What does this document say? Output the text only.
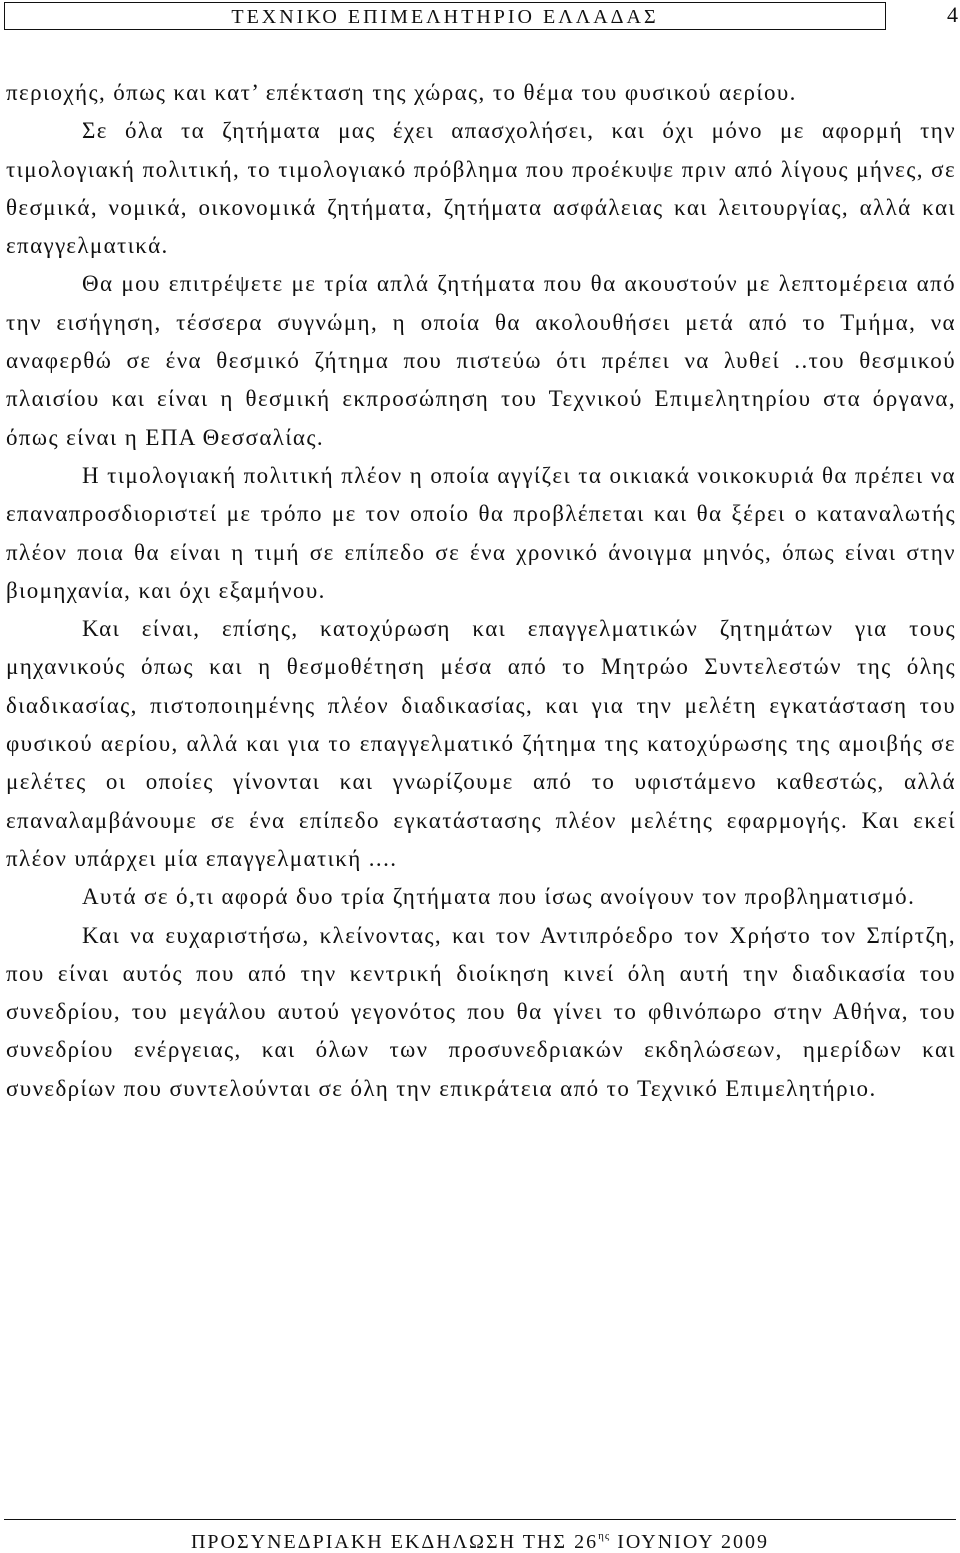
ΤΕΧΝΙΚΟ ΕΠΙΜΕΛΗΤΗΡΙΟ ΕΛΛΑΔΑΣ	4

περιοχής, όπως και κατ’ επέκταση της χώρας, το θέμα του φυσικού αερίου.

Σε όλα τα ζητήματα μας έχει απασχολήσει, και όχι μόνο με αφορμή την τιμολογιακή πολιτική, το τιμολογιακό πρόβλημα που προέκυψε πριν από λίγους μήνες, σε θεσμικά, νομικά, οικονομικά ζητήματα, ζητήματα ασφάλειας και λειτουργίας, αλλά και επαγγελματικά.

Θα μου επιτρέψετε με τρία απλά ζητήματα που θα ακουστούν με λεπτομέρεια από την εισήγηση, τέσσερα συγνώμη, η οποία θα ακολουθήσει μετά από το Τμήμα, να αναφερθώ σε ένα θεσμικό ζήτημα που πιστεύω ότι πρέπει να λυθεί ..του θεσμικού πλαισίου και είναι η θεσμική εκπροσώπηση του Τεχνικού Επιμελητηρίου στα όργανα, όπως είναι η ΕΠΑ Θεσσαλίας.

Η τιμολογιακή πολιτική πλέον η οποία αγγίζει τα οικιακά νοικοκυριά θα πρέπει να επαναπροσδιοριστεί με τρόπο με τον οποίο θα προβλέπεται και θα ξέρει ο καταναλωτής πλέον ποια θα είναι η τιμή σε επίπεδο σε ένα χρονικό άνοιγμα μηνός, όπως είναι στην βιομηχανία, και όχι εξαμήνου.

Και είναι, επίσης, κατοχύρωση και επαγγελματικών ζητημάτων για τους μηχανικούς όπως και η θεσμοθέτηση μέσα από το Μητρώο Συντελεστών της όλης διαδικασίας, πιστοποιημένης πλέον διαδικασίας, και για την μελέτη εγκατάσταση του φυσικού αερίου, αλλά και για το επαγγελματικό ζήτημα της κατοχύρωσης της αμοιβής σε μελέτες οι οποίες γίνονται και γνωρίζουμε από το υφιστάμενο καθεστώς, αλλά επαναλαμβάνουμε σε ένα επίπεδο εγκατάστασης πλέον μελέτης εφαρμογής. Και εκεί πλέον υπάρχει μία επαγγελματική ....

Αυτά σε ό,τι αφορά δυο τρία ζητήματα που ίσως ανοίγουν τον προβληματισμό.

Και να ευχαριστήσω, κλείνοντας, και τον Αντιπρόεδρο τον Χρήστο τον Σπίρτζη, που είναι αυτός που από την κεντρική διοίκηση κινεί όλη αυτή την διαδικασία του συνεδρίου, του μεγάλου αυτού γεγονότος που θα γίνει το φθινόπωρο στην Αθήνα, του συνεδρίου ενέργειας, και όλων των προσυνεδριακών εκδηλώσεων, ημερίδων και συνεδρίων που συντελούνται σε όλη την επικράτεια από το Τεχνικό Επιμελητήριο.

ΠΡΟΣΥΝΕΔΡΙΑΚΗ ΕΚΔΗΛΩΣΗ ΤΗΣ $26^{\eta\varsigma}$ ΙΟΥΝΙΟΥ 2009
